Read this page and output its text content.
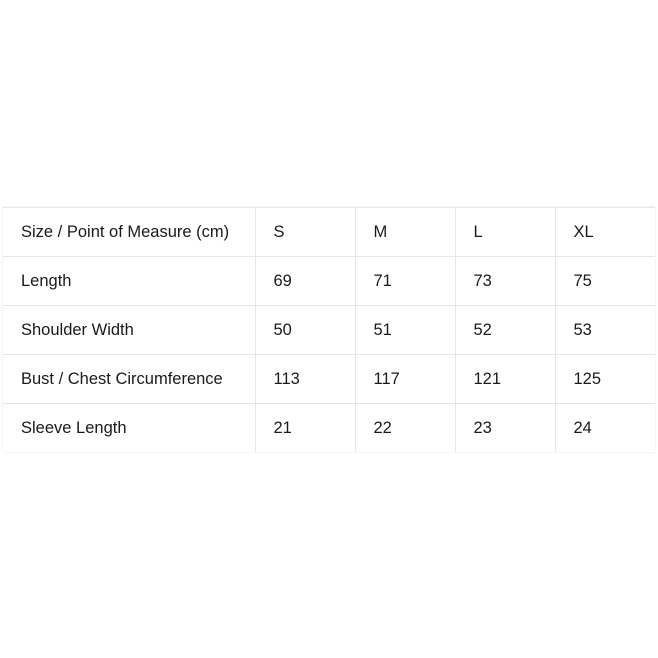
Size / Point of Measure (cm)	S	M	L	XL
Length	69	71	73	75
Shoulder Width	50	51	52	53
Bust / Chest Circumference	113	117	121	125
Sleeve Length	21	22	23	24
